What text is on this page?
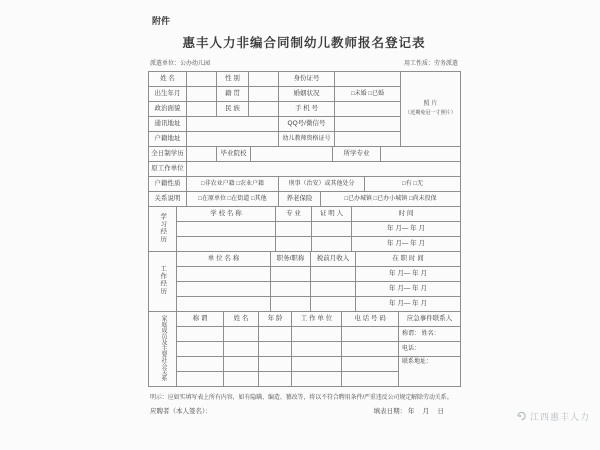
附件
惠丰人力非编合同制幼儿教师报名登记表
派遣单位：公办幼儿园	用工性质：劳务派遣
姓 名		性 别		身份证号		照 片
（近期免冠一寸照片）

出生年月		籍 贯		婚姻状况	□未婚 □已婚	
政治面貌		民 族		手 机 号		
通讯地址				QQ号/微信号		
户籍地址				幼儿教师资格证号		
全日制学历		毕业院校		所学专业	
原工作单位					
户籍性质	□非农业户籍 □农业户籍	刑事（治安）或其他处分	□有 □无
关系说明	□在原单位 □在街道 □其他	养老保险	□已办城镇 □已办小城镇 □尚未投保
学习经历	学 校 名 称	专 业	证 明 人	时 间
				年 月— 年 月
				年 月— 年 月
工作经历	单 位 名 称	职务/职称	税前月收入	在 职 时 间
				年 月— 年 月
				年 月— 年 月
				年 月— 年 月
家庭成员及主要社会关系	称 谓	姓 名	年 龄	工 作 单 位	电 话 号 码	应急事件联系人
						称谓： 姓名：
						电话：
						联系地址：

明示：应如实填写表上所有内容，如有隐瞒、编造、篡改等，将以不符合聘用条件/严重违反公司规定解除劳动关系。
应聘者（本人签名）：	填表日期： 年　 月　 日
江西惠丰人力
